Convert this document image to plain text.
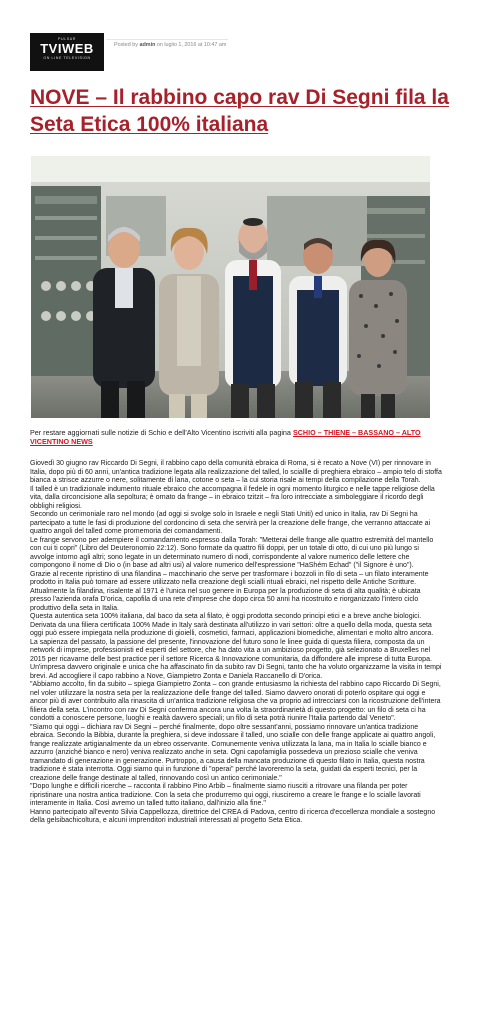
PULSAR
TVIWEB
ON LINE TELEVISION
Posted by admin on luglio 1, 2016 at 10:47 am
NOVE – Il rabbino capo rav Di Segni fila la Seta Etica 100% italiana
Per restare aggiornati sulle notizie di Schio e dell'Alto Vicentino iscriviti alla pagina SCHIO – THIENE – BASSANO – ALTO VICENTINO NEWS

Giovedì 30 giugno rav Riccardo Di Segni, il rabbino capo della comunità ebraica di Roma, si è recato a Nove (VI) per rinnovare in Italia, dopo più di 60 anni, un'antica tradizione legata alla realizzazione del talled, lo sciallle di preghiera ebraico – ampio telo di stoffa bianca a strisce azzurre o nere, solitamente di lana, cotone o seta – la cui storia risale ai tempi della compilazione della Torah.

Il talled è un tradizionale indumento rituale ebraico che accompagna il fedele in ogni momento liturgico e nelle tappe religiose della vita, dalla circoncisione alla sepoltura; è ornato da frange – in ebraico tzitzit – fra loro intrecciate a simboleggiare il ricordo degli obblighi religiosi.

Secondo un cerimoniale raro nel mondo (ad oggi si svolge solo in Israele e negli Stati Uniti) ed unico in Italia, rav Di Segni ha partecipato a tutte le fasi di produzione del cordoncino di seta che servirà per la creazione delle frange, che verranno attaccate ai quattro angoli del talled come promemoria dei comandamenti.

Le frange servono per adempiere il comandamento espresso dalla Torah: "Metterai delle frange alle quattro estremità del mantello con cui ti copri" (Libro del Deuteronomio 22:12). Sono formate da quattro fili doppi, per un totale di otto, di cui uno più lungo si avvolge intorno agli altri; sono legate in un determinato numero di nodi, corrispondente al valore numerico delle lettere che compongono il nome di Dio o (in base ad altri usi) al valore numerico dell'espressione "HaShém Echad" ("il Signore è uno").

Grazie al recente ripristino di una filandina – macchinario che serve per trasformare i bozzoli in filo di seta – un filato interamente prodotto in Italia può tornare ad essere utilizzato nella creazione degli scialli rituali ebraici, nel rispetto delle Antiche Scritture.

Attualmente la filandina, risalente al 1971 è l'unica nel suo genere in Europa per la produzione di seta di alta qualità; è ubicata presso l'azienda orafa D'orica, capofila di una rete d'imprese che dopo circa 50 anni ha ricostruito e riorganizzato l'intero ciclo produttivo della seta in Italia.

Questa autentica seta 100% italiana, dal baco da seta al filato, è oggi prodotta secondo principi etici e a breve anche biologici. Derivata da una filiera certificata 100% Made in Italy sarà destinata all'utilizzo in vari settori: oltre a quello della moda, questa seta oggi può essere impiegata nella produzione di gioielli, cosmetici, farmaci, applicazioni biomediche, alimentari e molto altro ancora.

La sapienza del passato, la passione del presente, l'innovazione del futuro sono le linee guida di questa filiera, composta da un network di imprese, professionisti ed esperti del settore, che ha dato vita a un ambizioso progetto, già selezionato a Bruxelles nel 2015 per ricavarne delle best practice per il settore Ricerca & Innovazione comunitaria, da diffondere alle imprese di tutta Europa.

Un'impresa davvero originale e unica che ha affascinato fin da subito rav Di Segni, tanto che ha voluto organizzarne la visita in tempi brevi. Ad accogliere il capo rabbino a Nove, Giampietro Zonta e Daniela Raccanello di D'orica.

"Abbiamo accolto, fin da subito – spiega Giampietro Zonta – con grande entusiasmo la richiesta del rabbino capo Riccardo Di Segni, nel voler utilizzare la nostra seta per la realizzazione delle frange del talled. Siamo davvero onorati di poterlo ospitare qui oggi e ancor più di aver contribuito alla rinascita di un'antica tradizione religiosa che va proprio ad intrecciarsi con la ricostruzione dell'intera filiera della seta. L'incontro con rav Di Segni conferma ancora una volta la straordinarietà di questo progetto: un filo di seta ci ha condotti a conoscere persone, luoghi e realtà davvero speciali; un filo di seta potrà riunire l'Italia partendo dal Veneto".

"Siamo qui oggi – dichiara rav Di Segni – perché finalmente, dopo oltre sessant'anni, possiamo rinnovare un'antica tradizione ebraica. Secondo la Bibbia, durante la preghiera, si deve indossare il talled, uno scialle con delle frange applicate ai quattro angoli, frange realizzate artigianalmente da un ebreo osservante. Comunemente veniva utilizzata la lana, ma in Italia lo scialle bianco e azzurro (anziché bianco e nero) veniva realizzato anche in seta. Ogni capofamiglia possedeva un prezioso scialle che veniva tramandato di generazione in generazione. Purtroppo, a causa della mancata produzione di questo filato in Italia, questa nostra tradizione è stata interrotta. Oggi siamo qui in funzione di "operai" perché lavoreremo la seta, guidati da esperti tecnici, per la creazione delle frange destinate al talled, rinnovando così un antico cerimoniale."

"Dopo lunghe e difficili ricerche – racconta il rabbino Pino Arbib – finalmente siamo riusciti a ritrovare una filanda per poter ripristinare una nostra antica tradizione. Con la seta che produrremo qui oggi, riusciremo a creare le frange e lo scialle lavorati interamente in Italia. Così avremo un talled tutto italiano, dall'inizio alla fine."

Hanno partecipato all'evento Silvia Cappellozza, direttrice del CREA di Padova, centro di ricerca d'eccellenza mondiale a sostegno della gelsibachicoltura, e alcuni imprenditori industriali interessati al progetto Seta Etica.
